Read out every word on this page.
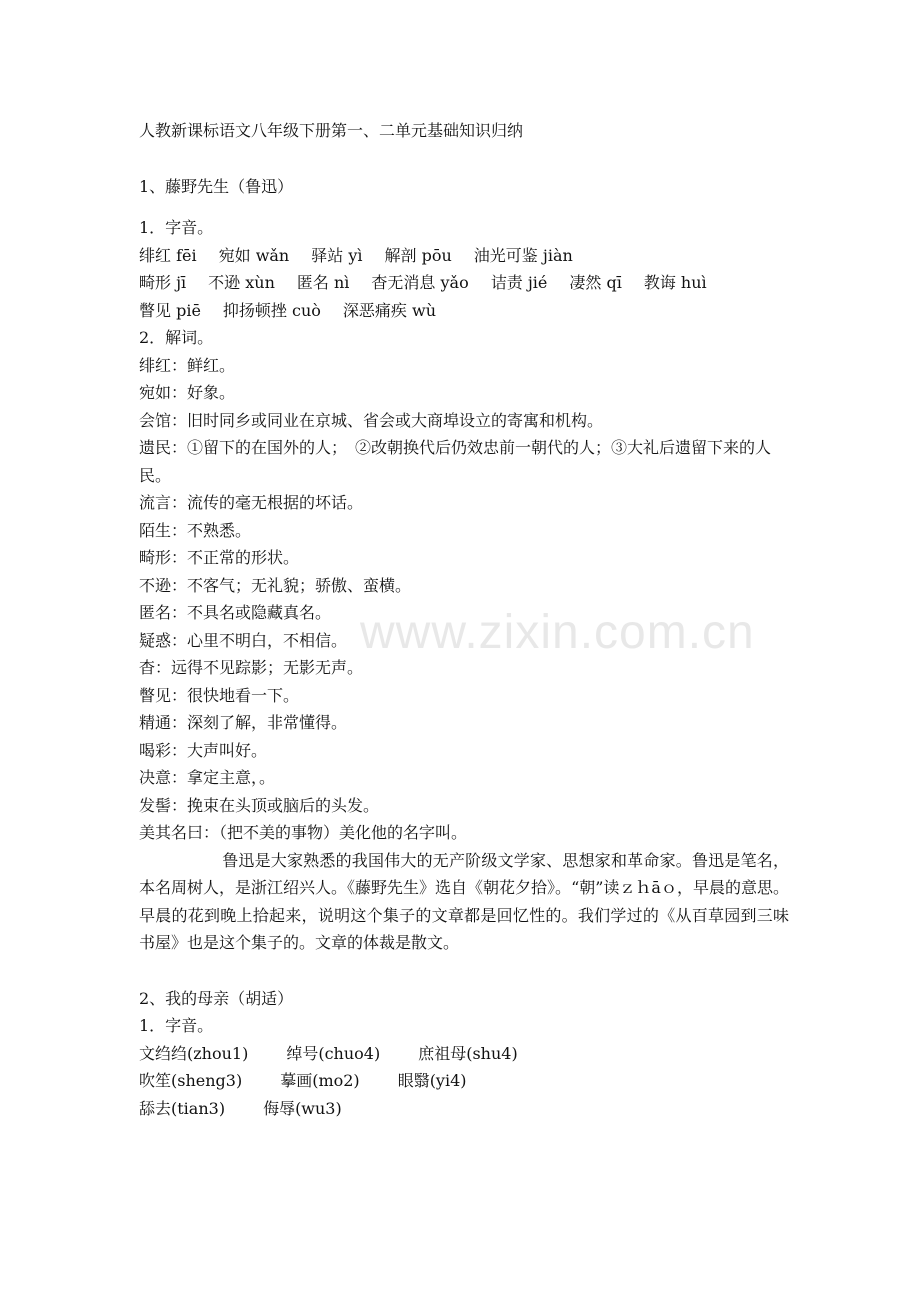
人教新课标语文八年级下册第一、二单元基础知识归纳

1、藤野先生（鲁迅）

1．字音。

绯红 fēi 宛如 wǎn 驿站 yì 解剖 pōu 油光可鉴 jiàn

畸形 jī 不逊 xùn 匿名 nì 杳无消息 yǎo 诘责 jié 凄然 qī 教诲 huì

瞥见 piē 抑扬顿挫 cuò 深恶痛疾 wù

2．解词。

绯红：鲜红。

宛如：好象。

会馆：旧时同乡或同业在京城、省会或大商埠设立的寄寓和机构。

遗民：①留下的在国外的人；　②改朝换代后仍效忠前一朝代的人；③大礼后遗留下来的人民。

流言：流传的毫无根据的坏话。

陌生：不熟悉。

畸形：不正常的形状。

不逊：不客气；无礼貌；骄傲、蛮横。

匿名：不具名或隐藏真名。

疑惑：心里不明白，不相信。

杳：远得不见踪影；无影无声。

瞥见：很快地看一下。

精通：深刻了解，非常懂得。

喝彩：大声叫好。

决意：拿定主意，。

发髻：挽束在头顶或脑后的头发。

美其名曰：（把不美的事物）美化他的名字叫。

鲁迅是大家熟悉的我国伟大的无产阶级文学家、思想家和革命家。鲁迅是笔名，本名周树人，是浙江绍兴人。《藤野先生》选自《朝花夕拾》。“朝”读ｚｈāｏ，早晨的意思。早晨的花到晚上拾起来，说明这个集子的文章都是回忆性的。我们学过的《从百草园到三味书屋》也是这个集子的。文章的体裁是散文。

2、我的母亲（胡适）

1．字音。

文绉绉(zhou1) 绰号(chuo4) 庶祖母(shu4)

吹笙(sheng3) 摹画(mo2) 眼翳(yi4)

舔去(tian3) 侮辱(wu3)

www.zixin.com.cn
